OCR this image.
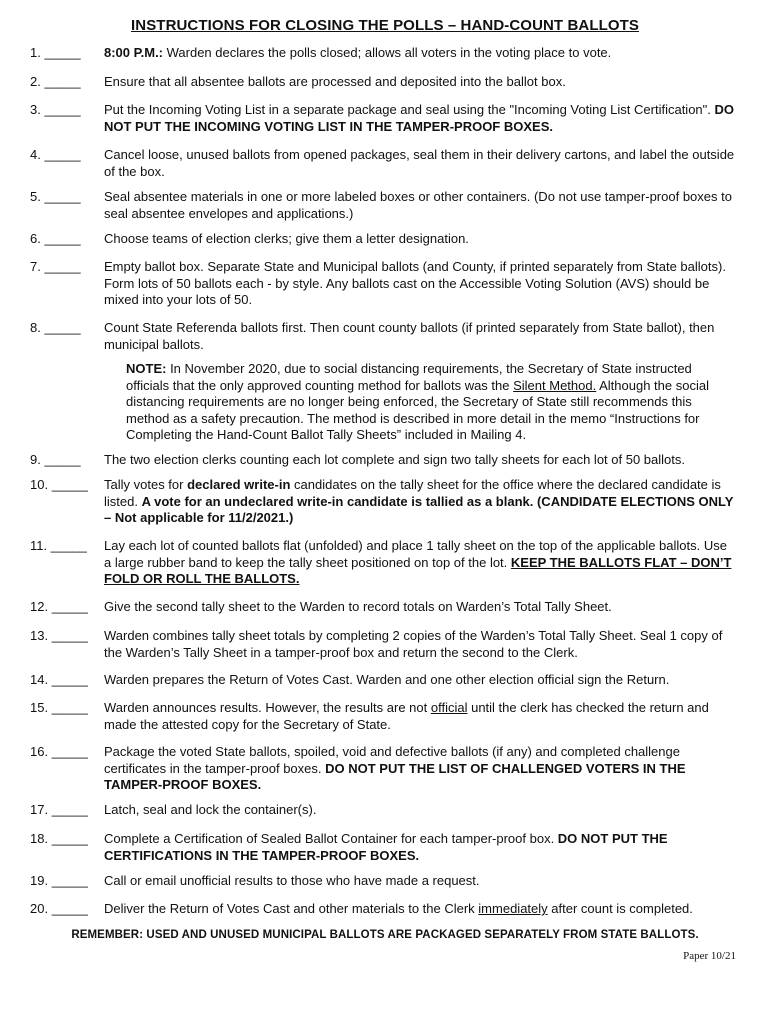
INSTRUCTIONS FOR CLOSING THE POLLS – HAND-COUNT BALLOTS
1. _____	8:00 P.M.: Warden declares the polls closed; allows all voters in the voting place to vote.
2. _____	Ensure that all absentee ballots are processed and deposited into the ballot box.
3. _____	Put the Incoming Voting List in a separate package and seal using the "Incoming Voting List Certification". DO NOT PUT THE INCOMING VOTING LIST IN THE TAMPER-PROOF BOXES.
4. _____	Cancel loose, unused ballots from opened packages, seal them in their delivery cartons, and label the outside of the box.
5. _____	Seal absentee materials in one or more labeled boxes or other containers. (Do not use tamper-proof boxes to seal absentee envelopes and applications.)
6. _____	Choose teams of election clerks; give them a letter designation.
7. _____	Empty ballot box. Separate State and Municipal ballots (and County, if printed separately from State ballots). Form lots of 50 ballots each - by style. Any ballots cast on the Accessible Voting Solution (AVS) should be mixed into your lots of 50.
8. _____	Count State Referenda ballots first. Then count county ballots (if printed separately from State ballot), then municipal ballots.
NOTE: In November 2020, due to social distancing requirements, the Secretary of State instructed officials that the only approved counting method for ballots was the Silent Method. Although the social distancing requirements are no longer being enforced, the Secretary of State still recommends this method as a safety precaution. The method is described in more detail in the memo “Instructions for Completing the Hand-Count Ballot Tally Sheets” included in Mailing 4.
9. _____	The two election clerks counting each lot complete and sign two tally sheets for each lot of 50 ballots.
10. _____	Tally votes for declared write-in candidates on the tally sheet for the office where the declared candidate is listed. A vote for an undeclared write-in candidate is tallied as a blank. (CANDIDATE ELECTIONS ONLY – Not applicable for 11/2/2021.)
11. _____	Lay each lot of counted ballots flat (unfolded) and place 1 tally sheet on the top of the applicable ballots. Use a large rubber band to keep the tally sheet positioned on top of the lot. KEEP THE BALLOTS FLAT – DON’T FOLD OR ROLL THE BALLOTS.
12. _____	Give the second tally sheet to the Warden to record totals on Warden’s Total Tally Sheet.
13. _____	Warden combines tally sheet totals by completing 2 copies of the Warden’s Total Tally Sheet. Seal 1 copy of the Warden’s Tally Sheet in a tamper-proof box and return the second to the Clerk.
14. _____	Warden prepares the Return of Votes Cast. Warden and one other election official sign the Return.
15. _____	Warden announces results. However, the results are not official until the clerk has checked the return and made the attested copy for the Secretary of State.
16. _____	Package the voted State ballots, spoiled, void and defective ballots (if any) and completed challenge certificates in the tamper-proof boxes. DO NOT PUT THE LIST OF CHALLENGED VOTERS IN THE TAMPER-PROOF BOXES.
17. _____	Latch, seal and lock the container(s).
18. _____	Complete a Certification of Sealed Ballot Container for each tamper-proof box. DO NOT PUT THE CERTIFICATIONS IN THE TAMPER-PROOF BOXES.
19. _____	Call or email unofficial results to those who have made a request.
20. _____	Deliver the Return of Votes Cast and other materials to the Clerk immediately after count is completed.
REMEMBER: USED AND UNUSED MUNICIPAL BALLOTS ARE PACKAGED SEPARATELY FROM STATE BALLOTS.
Paper 10/21
